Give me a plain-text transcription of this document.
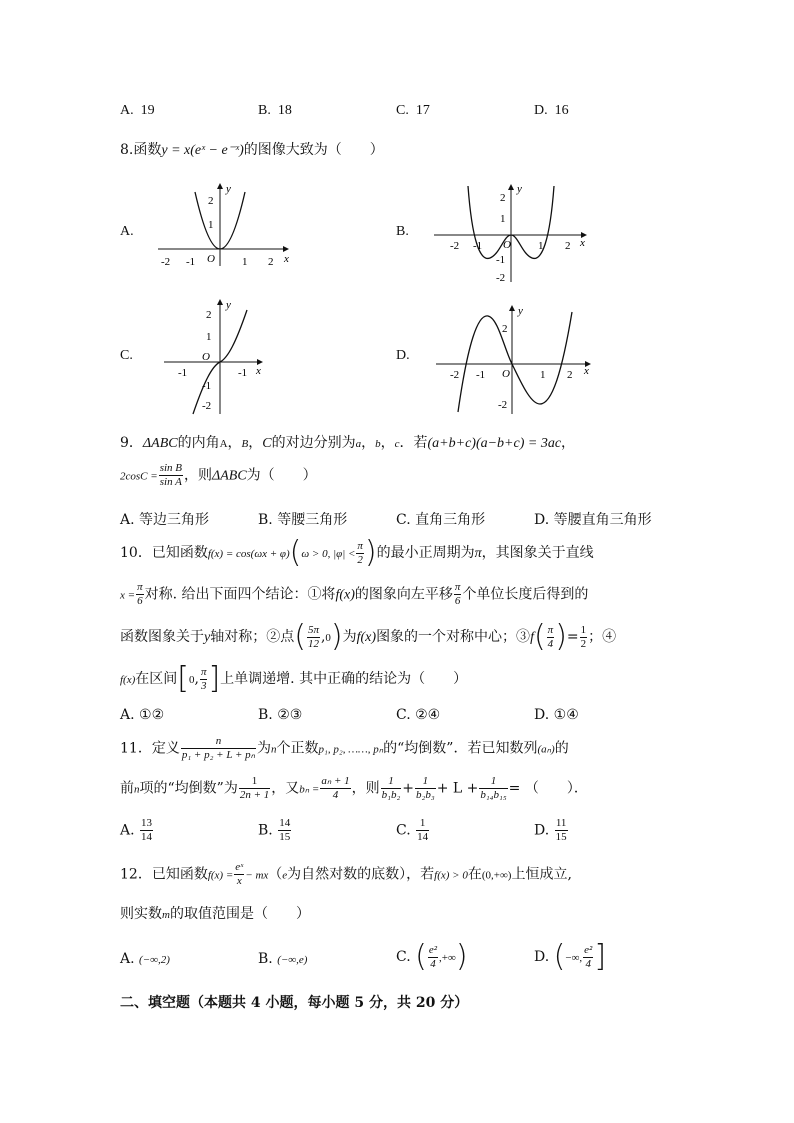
A. 19	B. 18	C. 17	D. 16
8.函数y = x(eˣ − e⁻ˣ)的图像大致为（　　）
A.	B.
C.	D.
x
y
O
-2 -1	1 2
2
1
x
y
O
-2 -1	1 2
2
1
-1
-2
x
y
O
-1	-1
2
1
-1
-2
x
y
O
-2 -1	1 2
2
-2
9．ΔABC的内角A，B，C的对边分别为a，b，c．若(a+b+c)(a−b+c) = 3ac，
$2\cos C = \frac{\text{sin B}}{\text{sin A}}$ ，则ΔABC为（　　）
A. 等边三角形	B. 等腰三角形	C. 直角三角形	D. 等腰直角三角形
10．已知函数f(x) = cos(ωx + φ)(ω > 0, $|\varphi| < \frac{\pi}{2}$ )的最小正周期为π，其图象关于直线
$x = \frac{\pi}{6}$ 对称. 给出下面四个结论：①将f(x)的图象向左平移 $\frac{\pi}{6}$ 个单位长度后得到的
函数图象关于y轴对称；②点( $\frac{5\pi}{12} ,0$)为f(x)图象的一个对称中心；③f( $\frac{\pi}{4}$ )= $\frac{1}{2}$ ；④
f(x)在区间[0, $\frac{\pi}{3}$ ]上单调递增. 其中正确的结论为（　　）
A. ①②	B. ②③	C. ②④	D. ①④
11．定义 $\frac{n}{\text{p₁ + p₂ + L + pₙ}}$ 为n个正数p₁, p₂, ……, pₙ的“均倒数”．若已知数列(aₙ)的
前n项的“均倒数”为 $\frac{1}{2n + 1}$ ，又$b_n = \frac{\text{aₙ + 1}}{4}$ ，则 $\frac{1}{\text{b₁b₂}} + \frac{1}{\text{b₂b₃}} + L + \frac{1}{\text{b₁₄b₁₅}}$ = （　　）．
A. $\frac{13}{14}$	B. $\frac{14}{15}$	C. $\frac{1}{14}$	D. $\frac{11}{15}$
12．已知函数$f(x) = \frac{\text{eˣ}}{x} - mx(e$为自然对数的底数），若f(x) > 0在(0,+∞)上恒成立,
则实数m的取值范围是（　　）
A. (−∞,2)	B. (−∞,e)	C. ( $\frac{\text{e²}}{4}$ ,+∞)	D. (−∞, $\frac{\text{e²}}{4}$ ]
二、填空题（本题共 4 小题，每小题 5 分，共 20 分）
